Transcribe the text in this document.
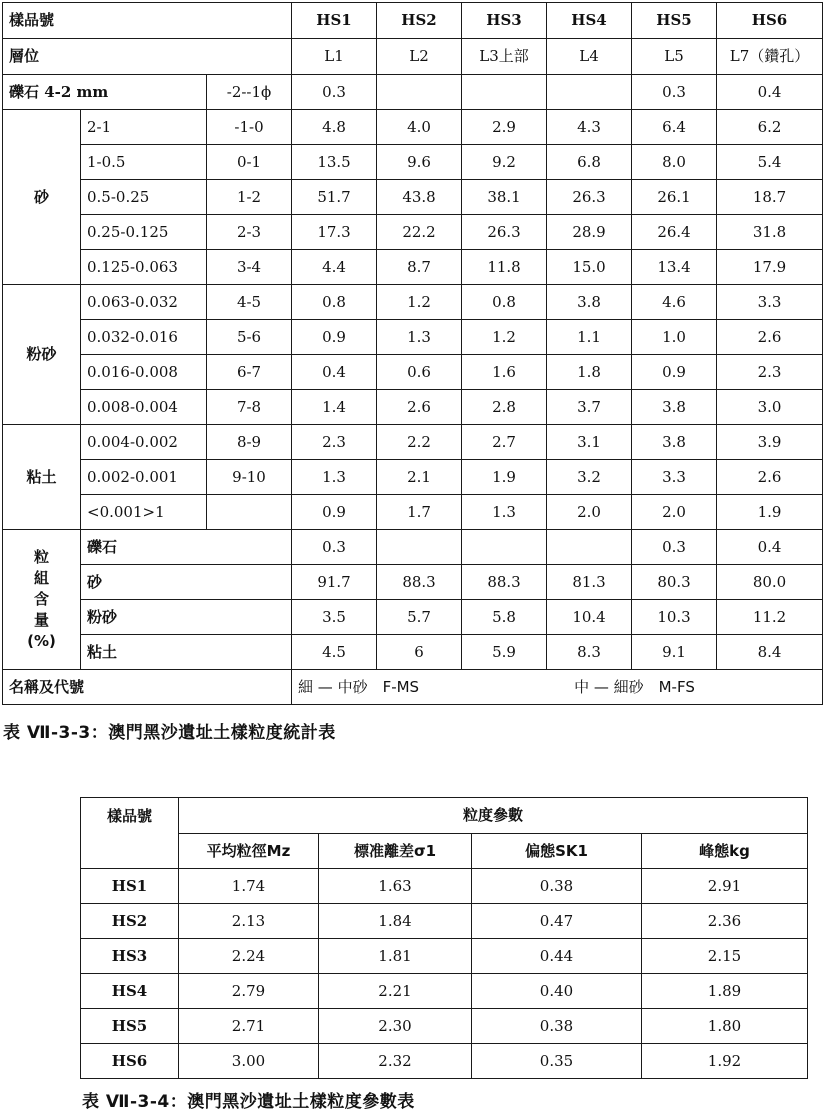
樣品號			HS1	HS2	HS3	HS4	HS5	HS6
層位			L1	L2	L3上部	L4	L5	L7（鑽孔）
礫石 4-2 mm		-2--1ϕ	0.3				0.3	0.4
砂	2-1	-1-0	4.8	4.0	2.9	4.3	6.4	6.2
	1-0.5	0-1	13.5	9.6	9.2	6.8	8.0	5.4
	0.5-0.25	1-2	51.7	43.8	38.1	26.3	26.1	18.7
	0.25-0.125	2-3	17.3	22.2	26.3	28.9	26.4	31.8
	0.125-0.063	3-4	4.4	8.7	11.8	15.0	13.4	17.9
粉砂	0.063-0.032	4-5	0.8	1.2	0.8	3.8	4.6	3.3
	0.032-0.016	5-6	0.9	1.3	1.2	1.1	1.0	2.6
	0.016-0.008	6-7	0.4	0.6	1.6	1.8	0.9	2.3
	0.008-0.004	7-8	1.4	2.6	2.8	3.7	3.8	3.0
粘土	0.004-0.002	8-9	2.3	2.2	2.7	3.1	3.8	3.9
	0.002-0.001	9-10	1.3	2.1	1.9	3.2	3.3	2.6
	<0.001>1		0.9	1.7	1.3	2.0	2.0	1.9

粒
組
含
量
(%)	礫石		0.3				0.3	0.4
	砂		91.7	88.3	88.3	81.3	80.3	80.0
	粉砂		3.5	5.7	5.8	10.4	10.3	11.2
	粘土		4.5	6	5.9	8.3	9.1	8.4
名稱及代號			細 — 中砂　F-MS 中 — 細砂　M-FS					
表 Ⅶ-3-3：澳門黑沙遺址土樣粒度統計表
樣品號	粒度參數			
	平均粒徑Mz	標准離差σ1	偏態SK1	峰態kg
HS1	1.74	1.63	0.38	2.91
HS2	2.13	1.84	0.47	2.36
HS3	2.24	1.81	0.44	2.15
HS4	2.79	2.21	0.40	1.89
HS5	2.71	2.30	0.38	1.80
HS6	3.00	2.32	0.35	1.92
表 Ⅶ-3-4：澳門黑沙遺址土樣粒度參數表
